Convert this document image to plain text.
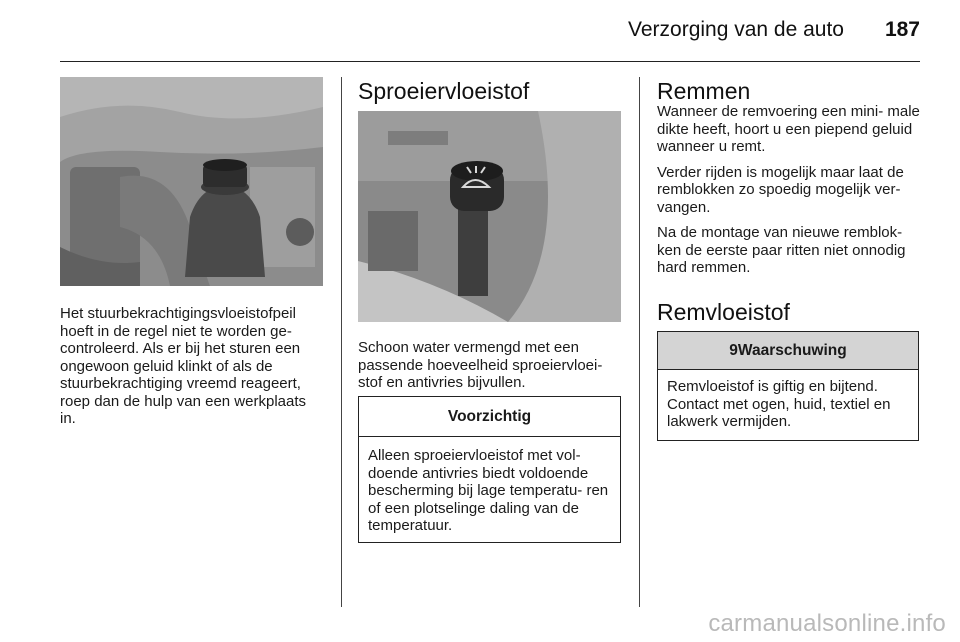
Verzorging van de auto 187
Het stuurbekrachtigingsvloeistofpeil hoeft in de regel niet te worden ge- controleerd. Als er bij het sturen een ongewoon geluid klinkt of als de stuurbekrachtiging vreemd reageert, roep dan de hulp van een werkplaats in.
Sproeiervloeistof
Schoon water vermengd met een passende hoeveelheid sproeiervloei- stof en antivries bijvullen.
Voorzichtig
Alleen sproeiervloeistof met vol- doende antivries biedt voldoende bescherming bij lage temperatu- ren of een plotselinge daling van de temperatuur.
Remmen

Wanneer de remvoering een mini- male dikte heeft, hoort u een piepend geluid wanneer u remt.

Verder rijden is mogelijk maar laat de remblokken zo spoedig mogelijk ver- vangen.

Na de montage van nieuwe remblok- ken de eerste paar ritten niet onnodig hard remmen.

Remvloeistof
9Waarschuwing
Remvloeistof is giftig en bijtend. Contact met ogen, huid, textiel en lakwerk vermijden.
carmanualsonline.info
